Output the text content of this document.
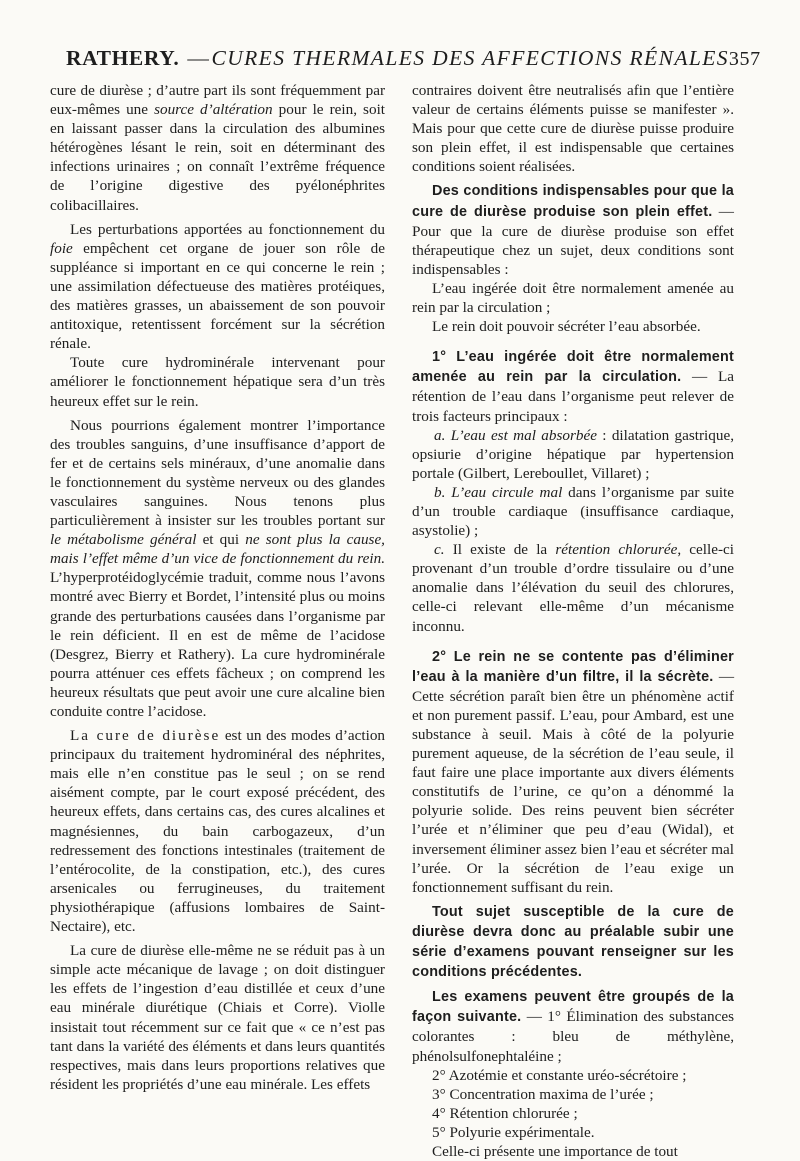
RATHERY. — CURES THERMALES DES AFFECTIONS RÉNALES 357

cure de diurèse ; d’autre part ils sont fréquemment par eux-mêmes une source d’altération pour le rein, soit en laissant passer dans la circulation des albumines hétérogènes lésant le rein, soit en déterminant des infections urinaires ; on connaît l’extrême fréquence de l’origine digestive des pyélonéphrites colibacillaires.

Les perturbations apportées au fonctionnement du foie empêchent cet organe de jouer son rôle de suppléance si important en ce qui concerne le rein ; une assimilation défectueuse des matières protéiques, des matières grasses, un abaissement de son pouvoir antitoxique, retentissent forcément sur la sécrétion rénale.

Toute cure hydrominérale intervenant pour améliorer le fonctionnement hépatique sera d’un très heureux effet sur le rein.

Nous pourrions également montrer l’importance des troubles sanguins, d’une insuffisance d’apport de fer et de certains sels minéraux, d’une anomalie dans le fonctionnement du système nerveux ou des glandes vasculaires sanguines. Nous tenons plus particulièrement à insister sur les troubles portant sur le métabolisme général et qui ne sont plus la cause, mais l’effet même d’un vice de fonctionnement du rein. L’hyperprotéidoglycémie traduit, comme nous l’avons montré avec Bierry et Bordet, l’intensité plus ou moins grande des perturbations causées dans l’organisme par le rein déficient. Il en est de même de l’acidose (Desgrez, Bierry et Rathery). La cure hydrominérale pourra atténuer ces effets fâcheux ; on comprend les heureux résultats que peut avoir une cure alcaline bien conduite contre l’acidose.

La cure de diurèse est un des modes d’action principaux du traitement hydrominéral des néphrites, mais elle n’en constitue pas le seul ; on se rend aisément compte, par le court exposé précédent, des heureux effets, dans certains cas, des cures alcalines et magnésiennes, du bain carbogazeux, d’un redressement des fonctions intestinales (traitement de l’entérocolite, de la constipation, etc.), des cures arsenicales ou ferrugineuses, du traitement physiothérapique (affusions lombaires de Saint-Nectaire), etc.

La cure de diurèse elle-même ne se réduit pas à un simple acte mécanique de lavage ; on doit distinguer les effets de l’ingestion d’eau distillée et ceux d’une eau minérale diurétique (Chiais et Corre). Violle insistait tout récemment sur ce fait que « ce n’est pas tant dans la variété des éléments et dans leurs quantités respectives, mais dans leurs proportions relatives que résident les propriétés d’une eau minérale. Les effets

contraires doivent être neutralisés afin que l’entière valeur de certains éléments puisse se manifester ». Mais pour que cette cure de diurèse puisse produire son plein effet, il est indispensable que certaines conditions soient réalisées.

Des conditions indispensables pour que la cure de diurèse produise son plein effet. — Pour que la cure de diurèse produise son effet thérapeutique chez un sujet, deux conditions sont indispensables :

L’eau ingérée doit être normalement amenée au rein par la circulation ;

Le rein doit pouvoir sécréter l’eau absorbée.

1° L’eau ingérée doit être normalement amenée au rein par la circulation. — La rétention de l’eau dans l’organisme peut relever de trois facteurs principaux :

a. L’eau est mal absorbée : dilatation gastrique, opsiurie d’origine hépatique par hypertension portale (Gilbert, Lereboullet, Villaret) ;

b. L’eau circule mal dans l’organisme par suite d’un trouble cardiaque (insuffisance cardiaque, asystolie) ;

c. Il existe de la rétention chlorurée, celle-ci provenant d’un trouble d’ordre tissulaire ou d’une anomalie dans l’élévation du seuil des chlorures, celle-ci relevant elle-même d’un mécanisme inconnu.

2° Le rein ne se contente pas d’éliminer l’eau à la manière d’un filtre, il la sécrète. — Cette sécrétion paraît bien être un phénomène actif et non purement passif. L’eau, pour Ambard, est une substance à seuil. Mais à côté de la polyurie purement aqueuse, de la sécrétion de l’eau seule, il faut faire une place importante aux divers éléments constitutifs de l’urine, ce qu’on a dénommé la polyurie solide. Des reins peuvent bien sécréter l’urée et n’éliminer que peu d’eau (Widal), et inversement éliminer assez bien l’eau et sécréter mal l’urée. Or la sécrétion de l’eau exige un fonctionnement suffisant du rein.

Tout sujet susceptible de la cure de diurèse devra donc au préalable subir une série d’examens pouvant renseigner sur les conditions précédentes.

Les examens peuvent être groupés de la façon suivante. — 1° Élimination des substances colorantes : bleu de méthylène, phénolsulfonephtaléine ;

2° Azotémie et constante uréo-sécrétoire ;

3° Concentration maxima de l’urée ;

4° Rétention chlorurée ;

5° Polyurie expérimentale.

Celle-ci présente une importance de tout
